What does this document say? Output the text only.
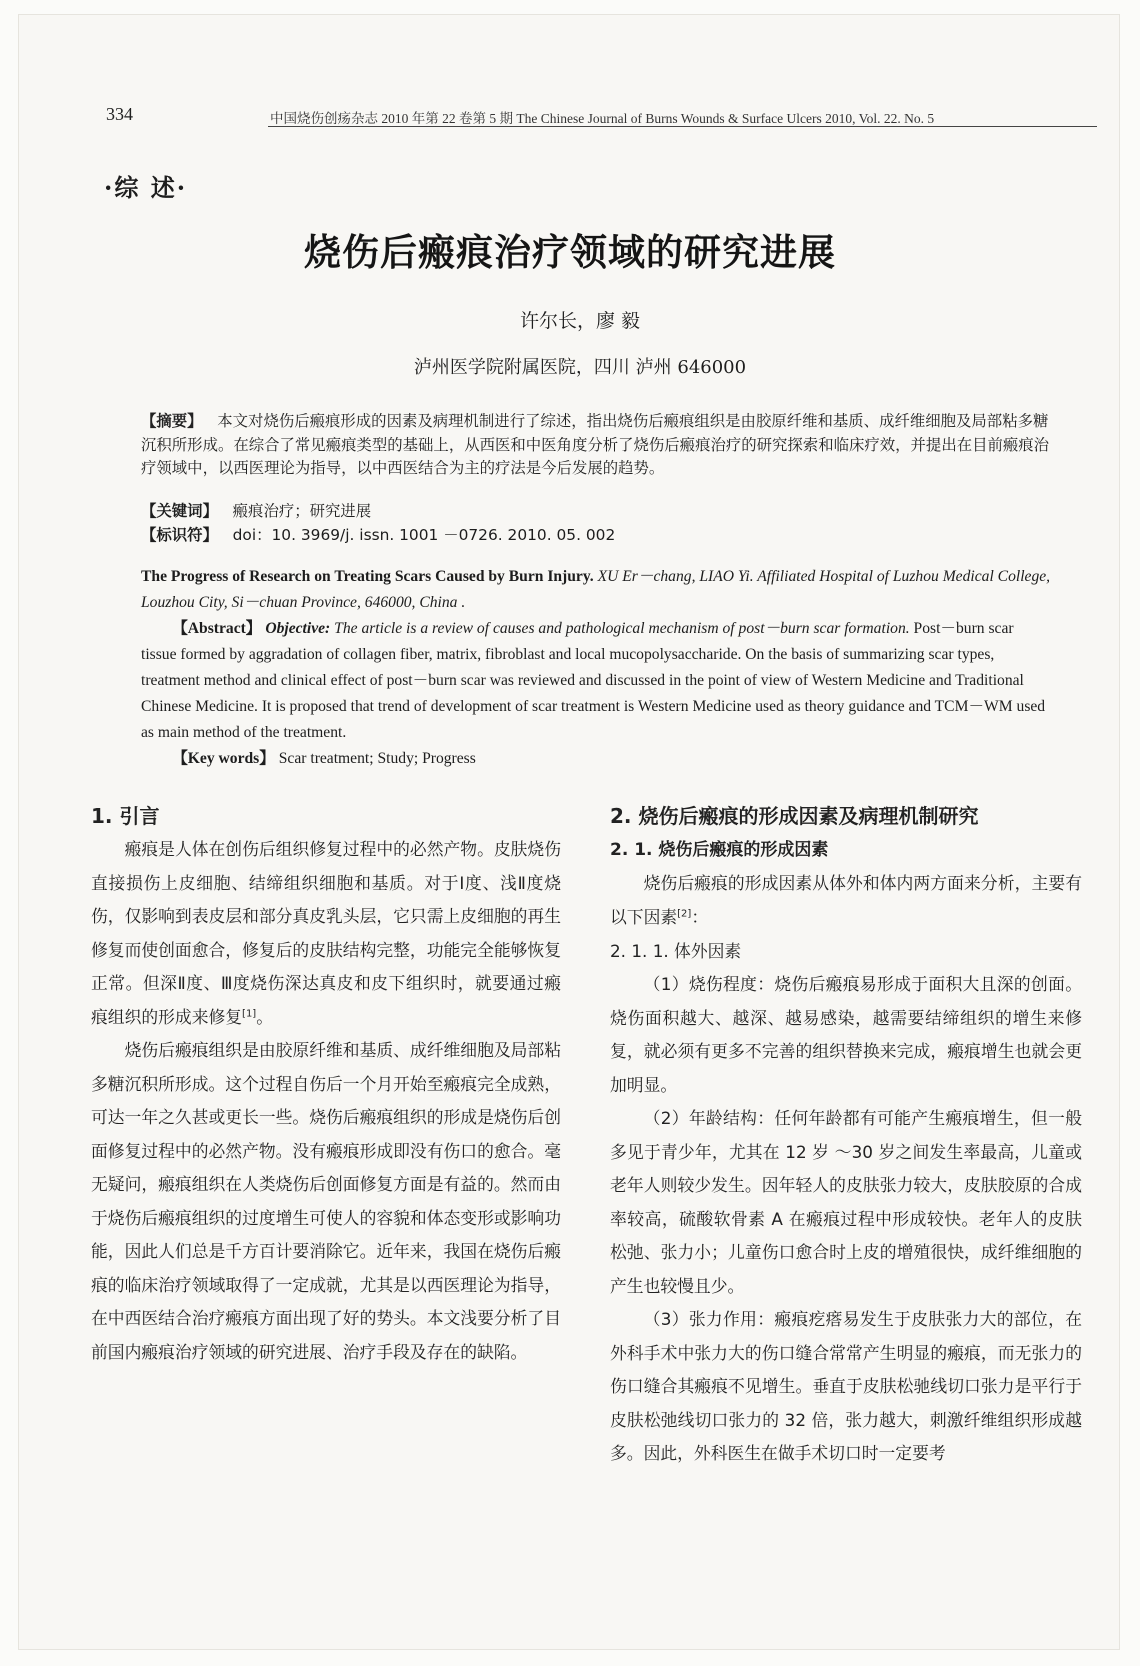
334	中国烧伤创疡杂志 2010 年第 22 卷第 5 期 The Chinese Journal of Burns Wounds & Surface Ulcers 2010, Vol. 22. No. 5
·综 述·
烧伤后瘢痕治疗领域的研究进展
许尔长，廖 毅
泸州医学院附属医院，四川 泸州 646000

【摘要】 本文对烧伤后瘢痕形成的因素及病理机制进行了综述，指出烧伤后瘢痕组织是由胶原纤维和基质、成纤维细胞及局部粘多糖沉积所形成。在综合了常见瘢痕类型的基础上，从西医和中医角度分析了烧伤后瘢痕治疗的研究探索和临床疗效，并提出在目前瘢痕治疗领域中，以西医理论为指导，以中西医结合为主的疗法是今后发展的趋势。

【关键词】 瘢痕治疗；研究进展
【标识符】 doi：10. 3969/j. issn. 1001 －0726. 2010. 05. 002

The Progress of Research on Treating Scars Caused by Burn Injury. XU Er－chang, LIAO Yi. Affiliated Hospital of Luzhou Medical College, Louzhou City, Si－chuan Province, 646000, China .

【Abstract】 Objective: The article is a review of causes and pathological mechanism of post－burn scar formation. Post－burn scar tissue formed by aggradation of collagen fiber, matrix, fibroblast and local mucopolysaccharide. On the basis of summarizing scar types, treatment method and clinical effect of post－burn scar was reviewed and discussed in the point of view of Western Medicine and Traditional Chinese Medicine. It is proposed that trend of development of scar treatment is Western Medicine used as theory guidance and TCM－WM used as main method of the treatment.

【Key words】 Scar treatment; Study; Progress

1. 引言

瘢痕是人体在创伤后组织修复过程中的必然产物。皮肤烧伤直接损伤上皮细胞、结缔组织细胞和基质。对于Ⅰ度、浅Ⅱ度烧伤，仅影响到表皮层和部分真皮乳头层，它只需上皮细胞的再生修复而使创面愈合，修复后的皮肤结构完整，功能完全能够恢复正常。但深Ⅱ度、Ⅲ度烧伤深达真皮和皮下组织时，就要通过瘢痕组织的形成来修复[1]。

烧伤后瘢痕组织是由胶原纤维和基质、成纤维细胞及局部粘多糖沉积所形成。这个过程自伤后一个月开始至瘢痕完全成熟，可达一年之久甚或更长一些。烧伤后瘢痕组织的形成是烧伤后创面修复过程中的必然产物。没有瘢痕形成即没有伤口的愈合。毫无疑问，瘢痕组织在人类烧伤后创面修复方面是有益的。然而由于烧伤后瘢痕组织的过度增生可使人的容貌和体态变形或影响功能，因此人们总是千方百计要消除它。近年来，我国在烧伤后瘢痕的临床治疗领域取得了一定成就，尤其是以西医理论为指导，在中西医结合治疗瘢痕方面出现了好的势头。本文浅要分析了目前国内瘢痕治疗领域的研究进展、治疗手段及存在的缺陷。

2. 烧伤后瘢痕的形成因素及病理机制研究
2. 1. 烧伤后瘢痕的形成因素

烧伤后瘢痕的形成因素从体外和体内两方面来分析，主要有以下因素[2]：

2. 1. 1. 体外因素

（1）烧伤程度：烧伤后瘢痕易形成于面积大且深的创面。烧伤面积越大、越深、越易感染，越需要结缔组织的增生来修复，就必须有更多不完善的组织替换来完成，瘢痕增生也就会更加明显。

（2）年龄结构：任何年龄都有可能产生瘢痕增生，但一般多见于青少年，尤其在 12 岁 ～30 岁之间发生率最高，儿童或老年人则较少发生。因年轻人的皮肤张力较大，皮肤胶原的合成率较高，硫酸软骨素 A 在瘢痕过程中形成较快。老年人的皮肤松弛、张力小；儿童伤口愈合时上皮的增殖很快，成纤维细胞的产生也较慢且少。

（3）张力作用：瘢痕疙瘩易发生于皮肤张力大的部位，在外科手术中张力大的伤口缝合常常产生明显的瘢痕，而无张力的伤口缝合其瘢痕不见增生。垂直于皮肤松驰线切口张力是平行于皮肤松弛线切口张力的 32 倍，张力越大，刺激纤维组织形成越多。因此，外科医生在做手术切口时一定要考
